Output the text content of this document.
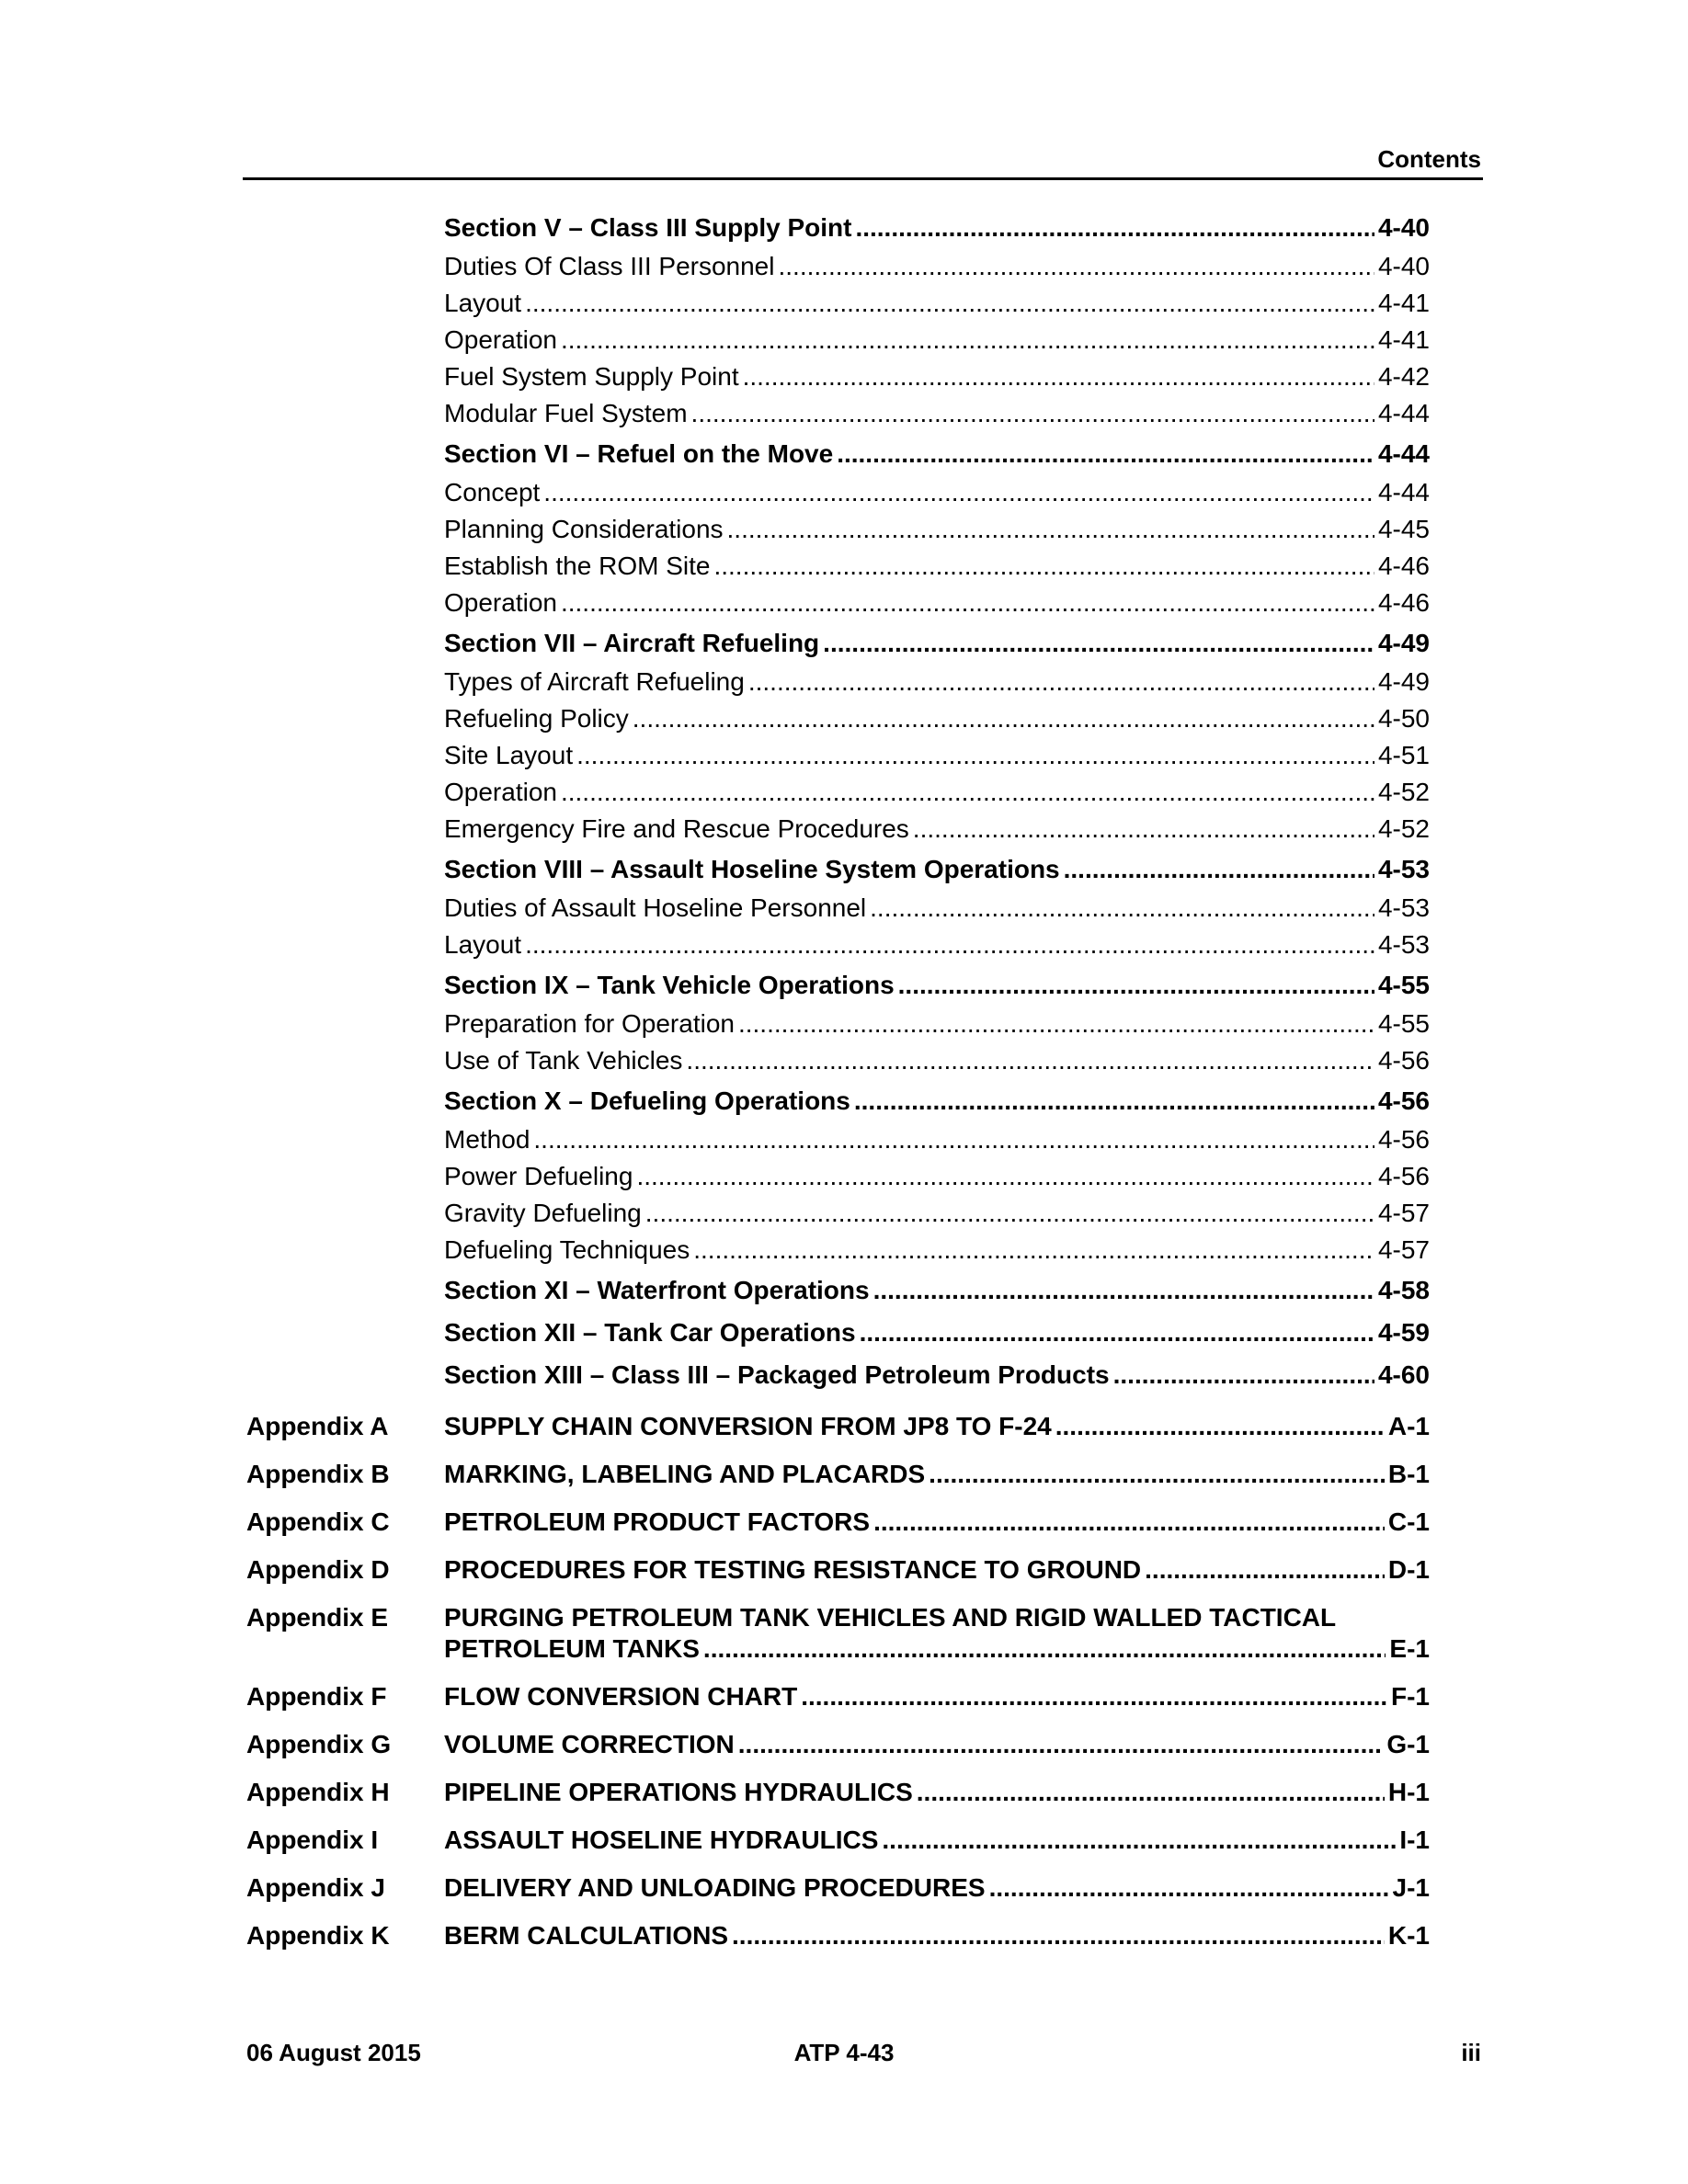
Contents
Section V – Class III Supply Point .....	4-40
Duties Of Class III Personnel .....	4-40
Layout .....	4-41
Operation .....	4-41
Fuel System Supply Point .....	4-42
Modular Fuel System .....	4-44
Section VI – Refuel on the Move .....	4-44
Concept .....	4-44
Planning Considerations .....	4-45
Establish the ROM Site .....	4-46
Operation .....	4-46
Section VII – Aircraft Refueling .....	4-49
Types of Aircraft Refueling .....	4-49
Refueling Policy .....	4-50
Site Layout .....	4-51
Operation .....	4-52
Emergency Fire and Rescue Procedures .....	4-52
Section VIII – Assault Hoseline System Operations .....	4-53
Duties of Assault Hoseline Personnel .....	4-53
Layout .....	4-53
Section IX – Tank Vehicle Operations .....	4-55
Preparation for Operation .....	4-55
Use of Tank Vehicles .....	4-56
Section X – Defueling Operations .....	4-56
Method .....	4-56
Power Defueling .....	4-56
Gravity Defueling .....	4-57
Defueling Techniques .....	4-57
Section XI – Waterfront Operations .....	4-58
Section XII – Tank Car Operations .....	4-59
Section XIII – Class III – Packaged Petroleum Products .....	4-60
Appendix A SUPPLY CHAIN CONVERSION FROM JP8 TO F-24 .....	A-1
Appendix B MARKING, LABELING AND PLACARDS .....	B-1
Appendix C PETROLEUM PRODUCT FACTORS .....	C-1
Appendix D PROCEDURES FOR TESTING RESISTANCE TO GROUND .....	D-1
Appendix E PURGING PETROLEUM TANK VEHICLES AND RIGID WALLED TACTICAL
PETROLEUM TANKS .....	E-1
Appendix F FLOW CONVERSION CHART .....	F-1
Appendix G VOLUME CORRECTION .....	G-1
Appendix H PIPELINE OPERATIONS HYDRAULICS .....	H-1
Appendix I	ASSAULT HOSELINE HYDRAULICS .....	I-1
Appendix J DELIVERY AND UNLOADING PROCEDURES .....	J-1
Appendix K BERM CALCULATIONS .....	K-1
06 August 2015	ATP 4-43	iii
